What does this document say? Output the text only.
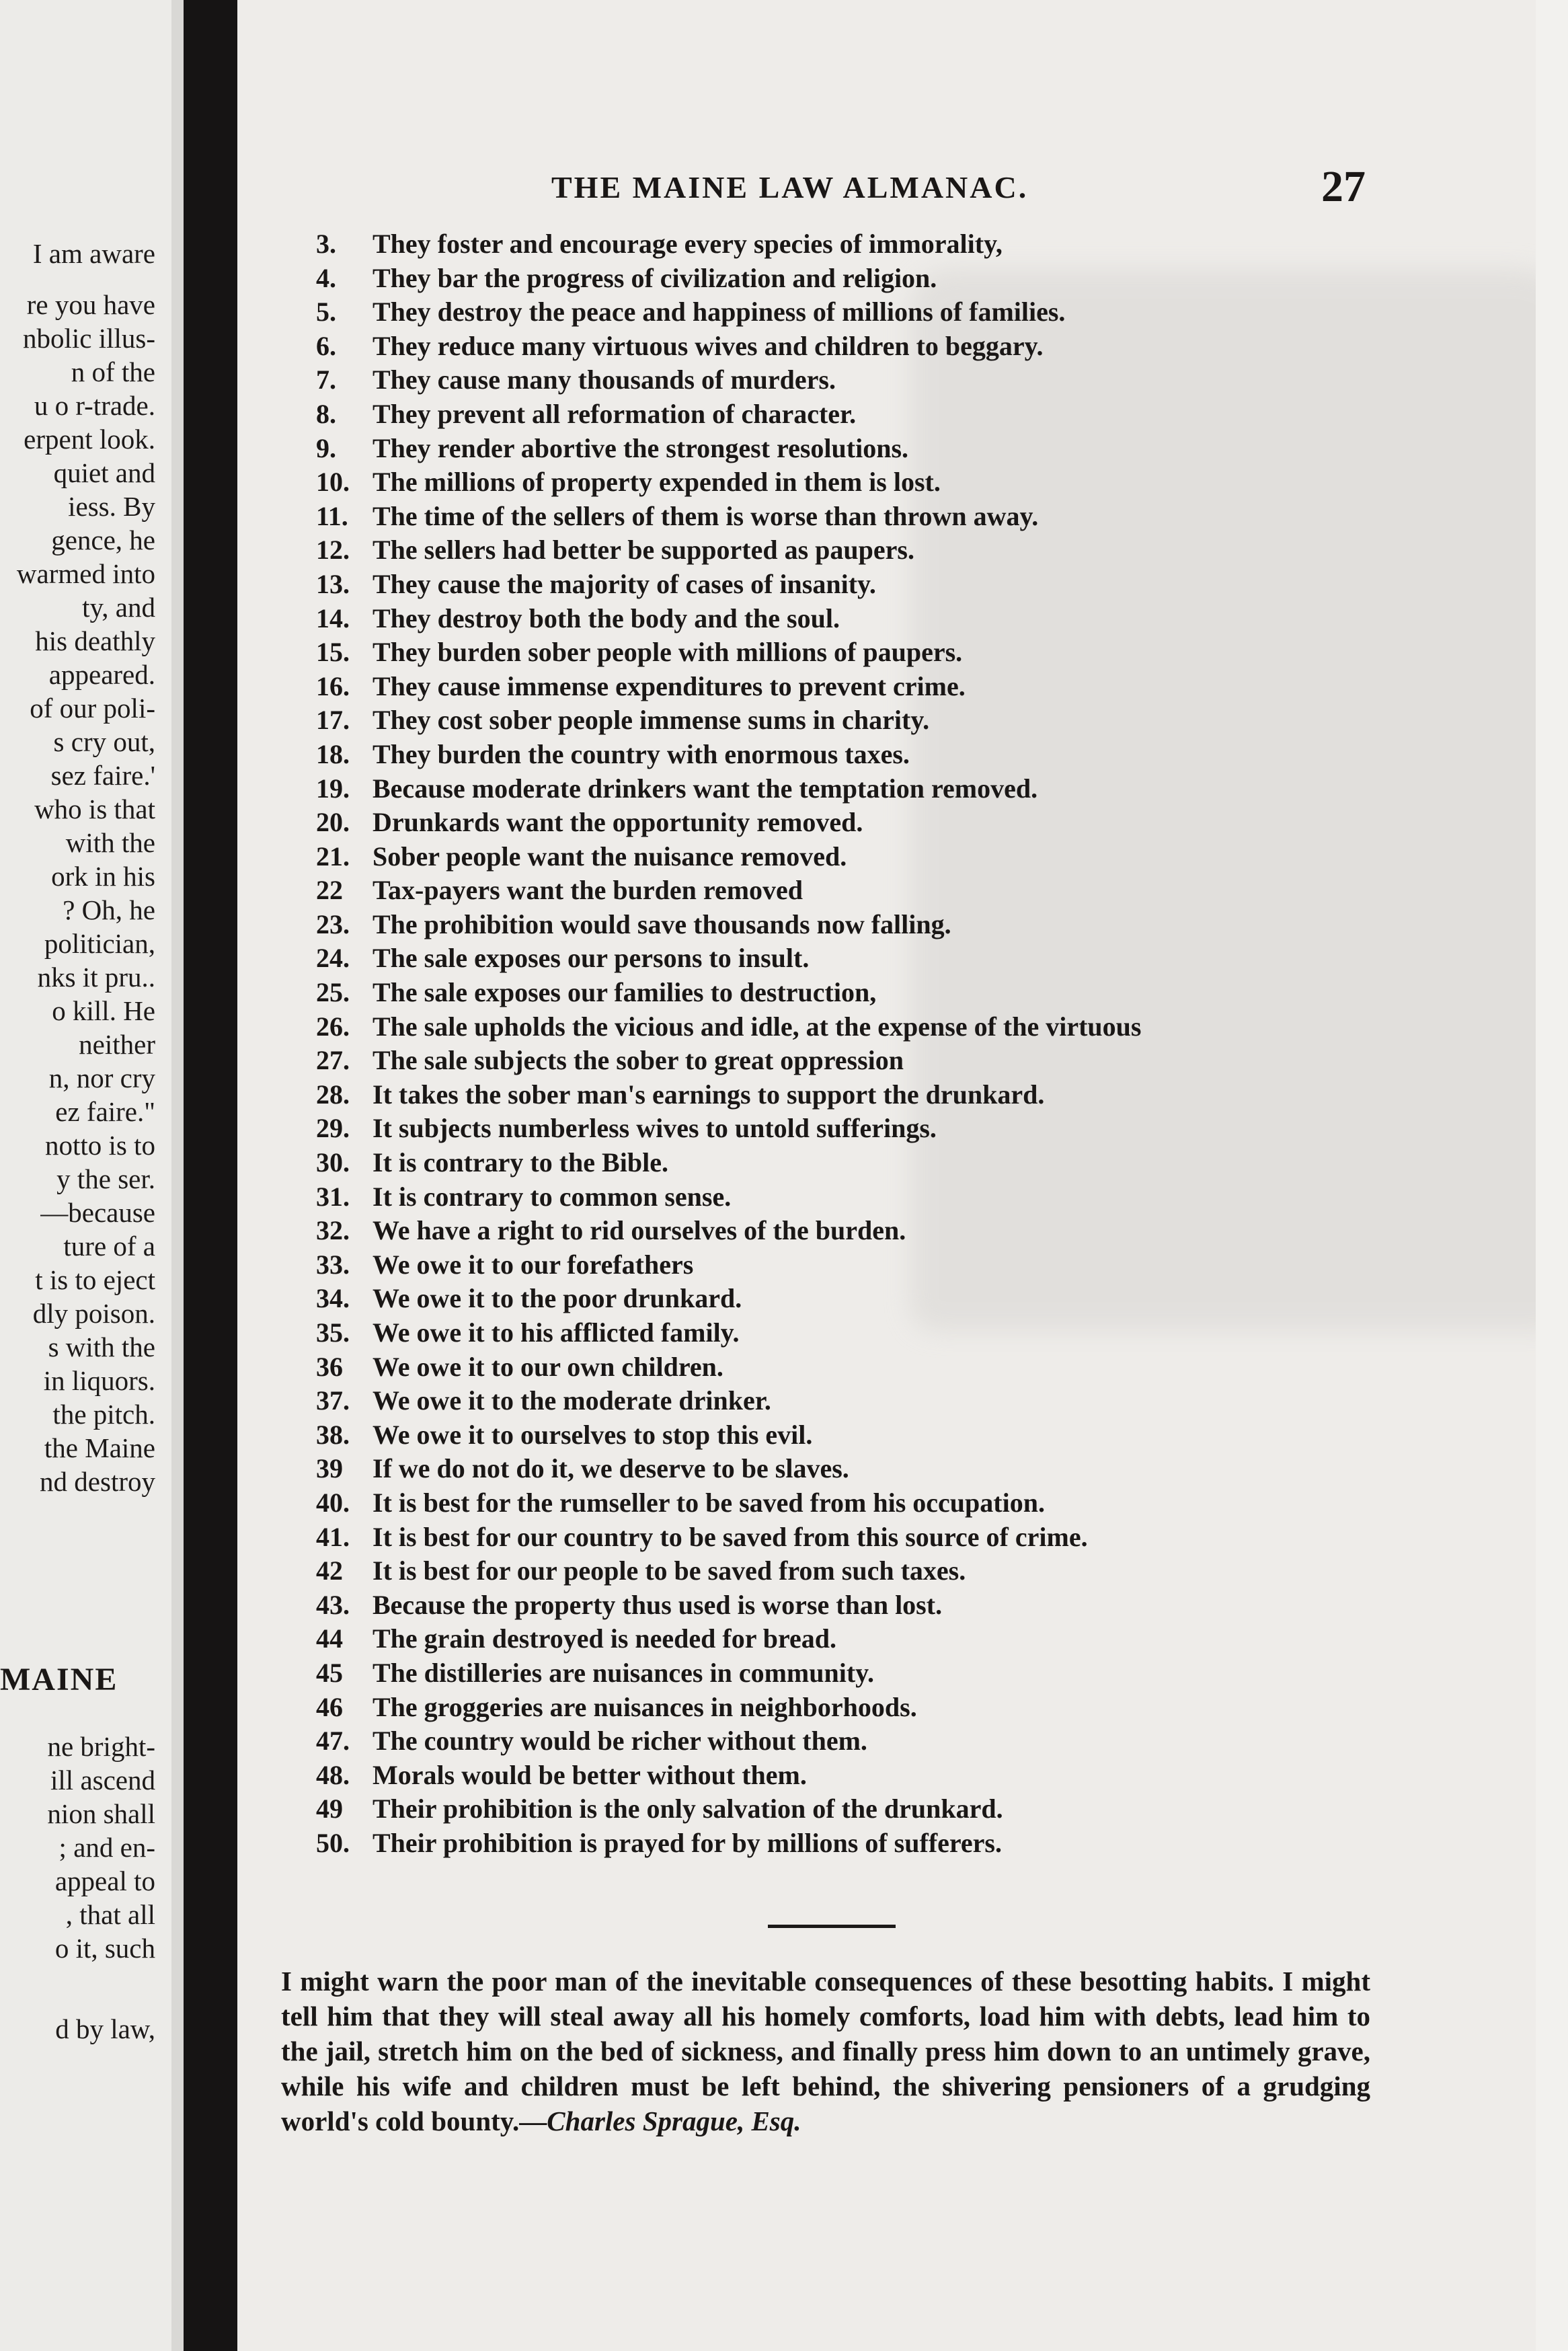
I am aware
re you have
nbolic illus-
n of the
u o r-trade.
erpent look.
quiet and
iess. By
gence, he
warmed into
ty, and
his deathly
appeared.
of our poli-
s cry out,
sez faire.'
who is that
with the
ork in his
? Oh, he
politician,
nks it pru..
o kill. He
neither
n, nor cry
ez faire."
notto is to
y the ser.
—because
ture of a
t is to eject
dly poison.
s with the
in liquors.
the pitch.
the Maine
nd destroy
ne bright-
ill ascend
nion shall
; and en-
appeal to
, that all
o it, such
d by law,
MAINE
THE MAINE LAW ALMANAC.	27
3. They foster and encourage every species of immorality,
4. They bar the progress of civilization and religion.
5. They destroy the peace and happiness of millions of families.
6. They reduce many virtuous wives and children to beggary.
7. They cause many thousands of murders.
8. They prevent all reformation of character.
9. They render abortive the strongest resolutions.
10. The millions of property expended in them is lost.
11. The time of the sellers of them is worse than thrown away.
12. The sellers had better be supported as paupers.
13. They cause the majority of cases of insanity.
14. They destroy both the body and the soul.
15. They burden sober people with millions of paupers.
16. They cause immense expenditures to prevent crime.
17. They cost sober people immense sums in charity.
18. They burden the country with enormous taxes.
19. Because moderate drinkers want the temptation removed.
20. Drunkards want the opportunity removed.
21. Sober people want the nuisance removed.
22 Tax-payers want the burden removed
23. The prohibition would save thousands now falling.
24. The sale exposes our persons to insult.
25. The sale exposes our families to destruction,
26. The sale upholds the vicious and idle, at the expense of the virtuous
27. The sale subjects the sober to great oppression
28. It takes the sober man's earnings to support the drunkard.
29. It subjects numberless wives to untold sufferings.
30. It is contrary to the Bible.
31. It is contrary to common sense.
32. We have a right to rid ourselves of the burden.
33. We owe it to our forefathers
34. We owe it to the poor drunkard.
35. We owe it to his afflicted family.
36 We owe it to our own children.
37. We owe it to the moderate drinker.
38. We owe it to ourselves to stop this evil.
39 If we do not do it, we deserve to be slaves.
40. It is best for the rumseller to be saved from his occupation.
41. It is best for our country to be saved from this source of crime.
42 It is best for our people to be saved from such taxes.
43. Because the property thus used is worse than lost.
44 The grain destroyed is needed for bread.
45 The distilleries are nuisances in community.
46 The groggeries are nuisances in neighborhoods.
47. The country would be richer without them.
48. Morals would be better without them.
49 Their prohibition is the only salvation of the drunkard.
50. Their prohibition is prayed for by millions of sufferers.
I might warn the poor man of the inevitable consequences of these besotting habits. I might tell him that they will steal away all his homely comforts, load him with debts, lead him to the jail, stretch him on the bed of sickness, and finally press him down to an untimely grave, while his wife and children must be left behind, the shivering pensioners of a grudging world's cold bounty.—Charles Sprague, Esq.
